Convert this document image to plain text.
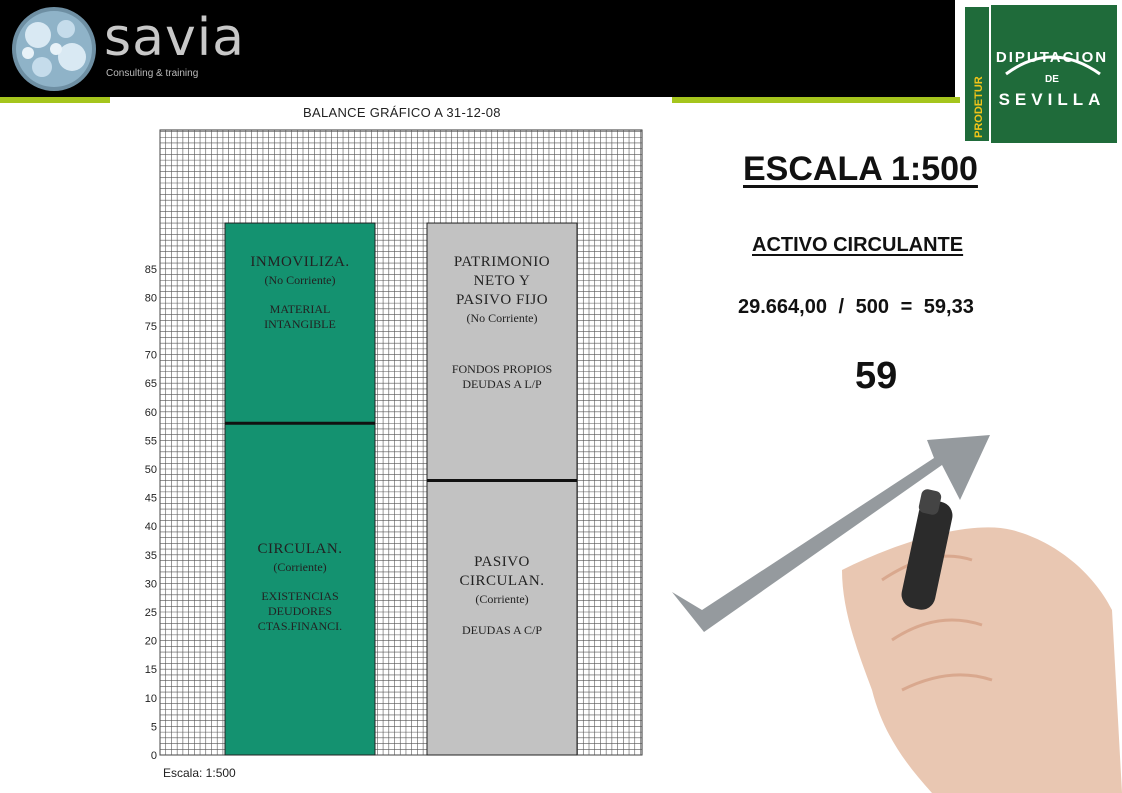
savia
Consulting & training
PRODETUR
DIPUTACION
DE
SEVILLA
BALANCE GRÁFICO A 31-12-08
0
5
10
15
20
25
30
35
40
45
50
55
60
65
70
75
80
85	INMOVILIZA.
(No Corriente)
MATERIAL
INTANGIBLE
CIRCULAN.
(Corriente)
EXISTENCIAS
DEUDORES
CTAS.FINANCI.
PATRIMONIO
NETO Y
PASIVO FIJO
(No Corriente)
FONDOS PROPIOS
DEUDAS A L/P
PASIVO
CIRCULAN.
(Corriente)
DEUDAS A C/P
Escala: 1:500
ESCALA 1:500
ACTIVO CIRCULANTE
29.664,00 / 500 = 59,33
59
